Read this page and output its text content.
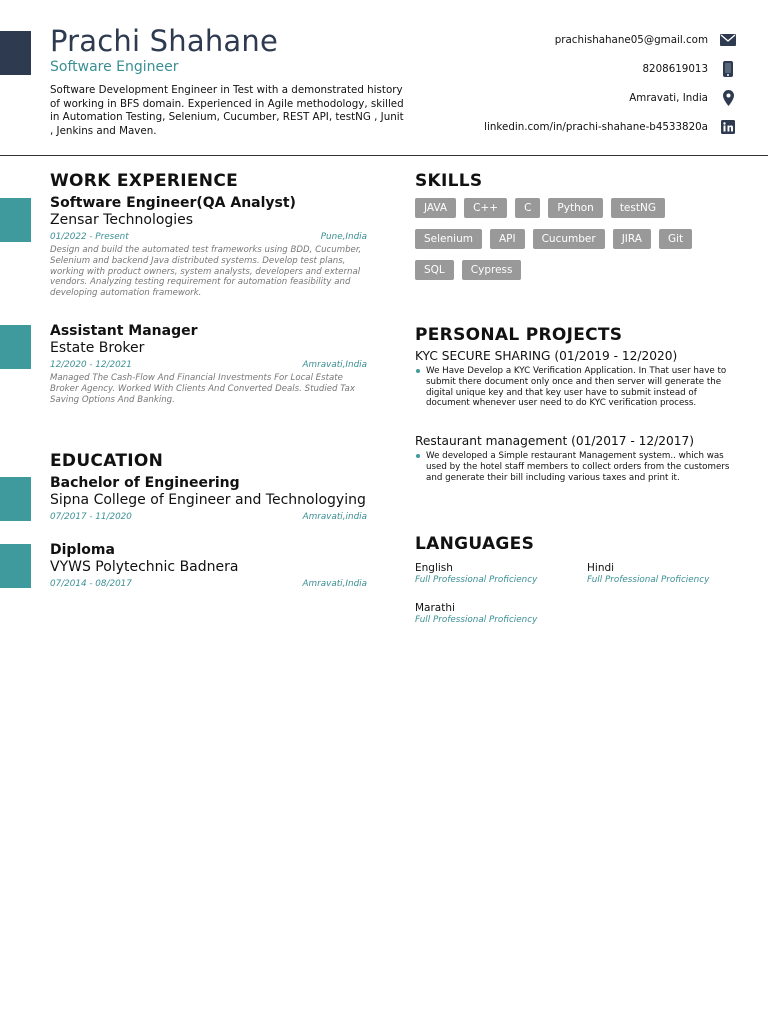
Prachi Shahane
Software Engineer
Software Development Engineer in Test with a demonstrated history of working in BFS domain. Experienced in Agile methodology, skilled in Automation Testing, Selenium, Cucumber, REST API, testNG , Junit , Jenkins and Maven.
prachishahane05@gmail.com
8208619013
Amravati, India
linkedin.com/in/prachi-shahane-b4533820a
WORK EXPERIENCE
Software Engineer(QA Analyst)
Zensar Technologies
01/2022 - Present	Pune,India
Design and build the automated test frameworks using BDD, Cucumber, Selenium and backend Java distributed systems. Develop test plans, working with product owners, system analysts, developers and external vendors. Analyzing testing requirement for automation feasibility and developing automation framework.
Assistant Manager
Estate Broker
12/2020 - 12/2021	Amravati,India
Managed The Cash-Flow And Financial Investments For Local Estate Broker Agency. Worked With Clients And Converted Deals. Studied Tax Saving Options And Banking.
EDUCATION
Bachelor of Engineering
Sipna College of Engineer and Technologying
07/2017 - 11/2020	Amravati,india
Diploma
VYWS Polytechnic Badnera
07/2014 - 08/2017	Amravati,India
SKILLS
JAVA	C++	C	Python	testNG
Selenium	API	Cucumber	JIRA	Git
SQL	Cypress
PERSONAL PROJECTS
KYC SECURE SHARING (01/2019 - 12/2020)
We Have Develop a KYC Verification Application. In That user have to submit there document only once and then server will generate the digital unique key and that key user have to submit instead of document whenever user need to do KYC verification process.
Restaurant management (01/2017 - 12/2017)
We developed a Simple restaurant Management system.. which was used by the hotel staff members to collect orders from the customers and generate their bill including various taxes and print it.
LANGUAGES
English
Full Professional Proficiency
Hindi
Full Professional Proficiency
Marathi
Full Professional Proficiency
